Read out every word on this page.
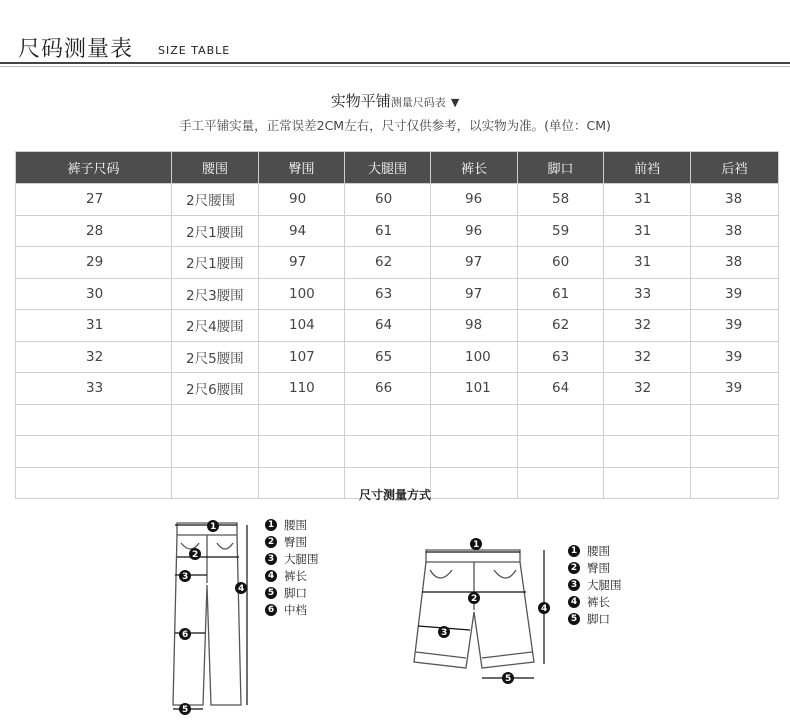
尺码测量表 SIZE TABLE
实物平铺测量尺码表 ▼
手工平铺实量，正常误差2CM左右，尺寸仅供参考，以实物为准。(单位：CM)
裤子尺码	腰围	臀围	大腿围	裤长	脚口	前裆	后裆
27	2尺腰围	90	60	96	58	31	38
28	2尺1腰围	94	61	96	59	31	38
29	2尺1腰围	97	62	97	60	31	38
30	2尺3腰围	100	63	97	61	33	39
31	2尺4腰围	104	64	98	62	32	39
32	2尺5腰围	107	65	100	63	32	39
33	2尺6腰围	110	66	101	64	32	39

尺寸测量方式
1
2
3
4
6
5
1 腰围
2 臀围
3 大腿围
4 裤长
5 脚口
6 中档
1
2
3
4
5
1 腰围
2 臀围
3 大腿围
4 裤长
5 脚口
